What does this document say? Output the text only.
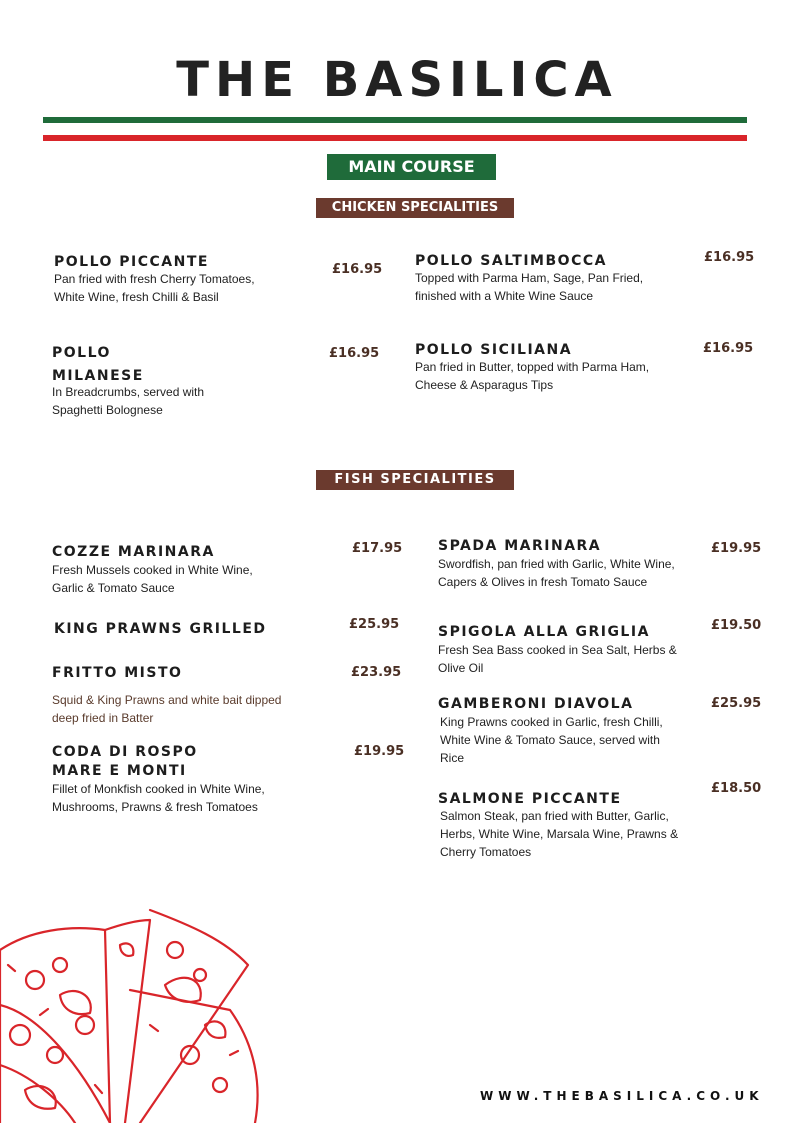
THE BASILICA
MAIN COURSE
CHICKEN SPECIALITIES

POLLO PICCANTE

Pan fried with fresh Cherry Tomatoes, White Wine, fresh Chilli & Basil

£16.95

POLLO SALTIMBOCCA

Topped with Parma Ham, Sage, Pan Fried, finished with a White Wine Sauce

£16.95

POLLO MILANESE

In Breadcrumbs, served with Spaghetti Bolognese

£16.95	POLLO SICILIANA

Pan fried in Butter, topped with Parma Ham, Cheese & Asparagus Tips

£16.95

FISH SPECIALITIES

COZZE MARINARA

Fresh Mussels cooked in White Wine, Garlic & Tomato Sauce

£17.95

KING PRAWNS GRILLED	£25.95

FRITTO MISTO

Squid & King Prawns and white bait dipped deep fried in Batter

£23.95

CODA DI ROSPO MARE E MONTI

Fillet of Monkfish cooked in White Wine, Mushrooms, Prawns & fresh Tomatoes

£19.95

SPADA MARINARA

Swordfish, pan fried with Garlic, White Wine, Capers & Olives in fresh Tomato Sauce

£19.95

SPIGOLA ALLA GRIGLIA

Fresh Sea Bass cooked in Sea Salt, Herbs & Olive Oil

£19.50

GAMBERONI DIAVOLA

King Prawns cooked in Garlic, fresh Chilli, White Wine & Tomato Sauce, served with Rice

£25.95

SALMONE PICCANTE

Salmon Steak, pan fried with Butter, Garlic, Herbs, White Wine, Marsala Wine, Prawns & Cherry Tomatoes

£18.50

WWW.THEBASILICA.CO.UK
